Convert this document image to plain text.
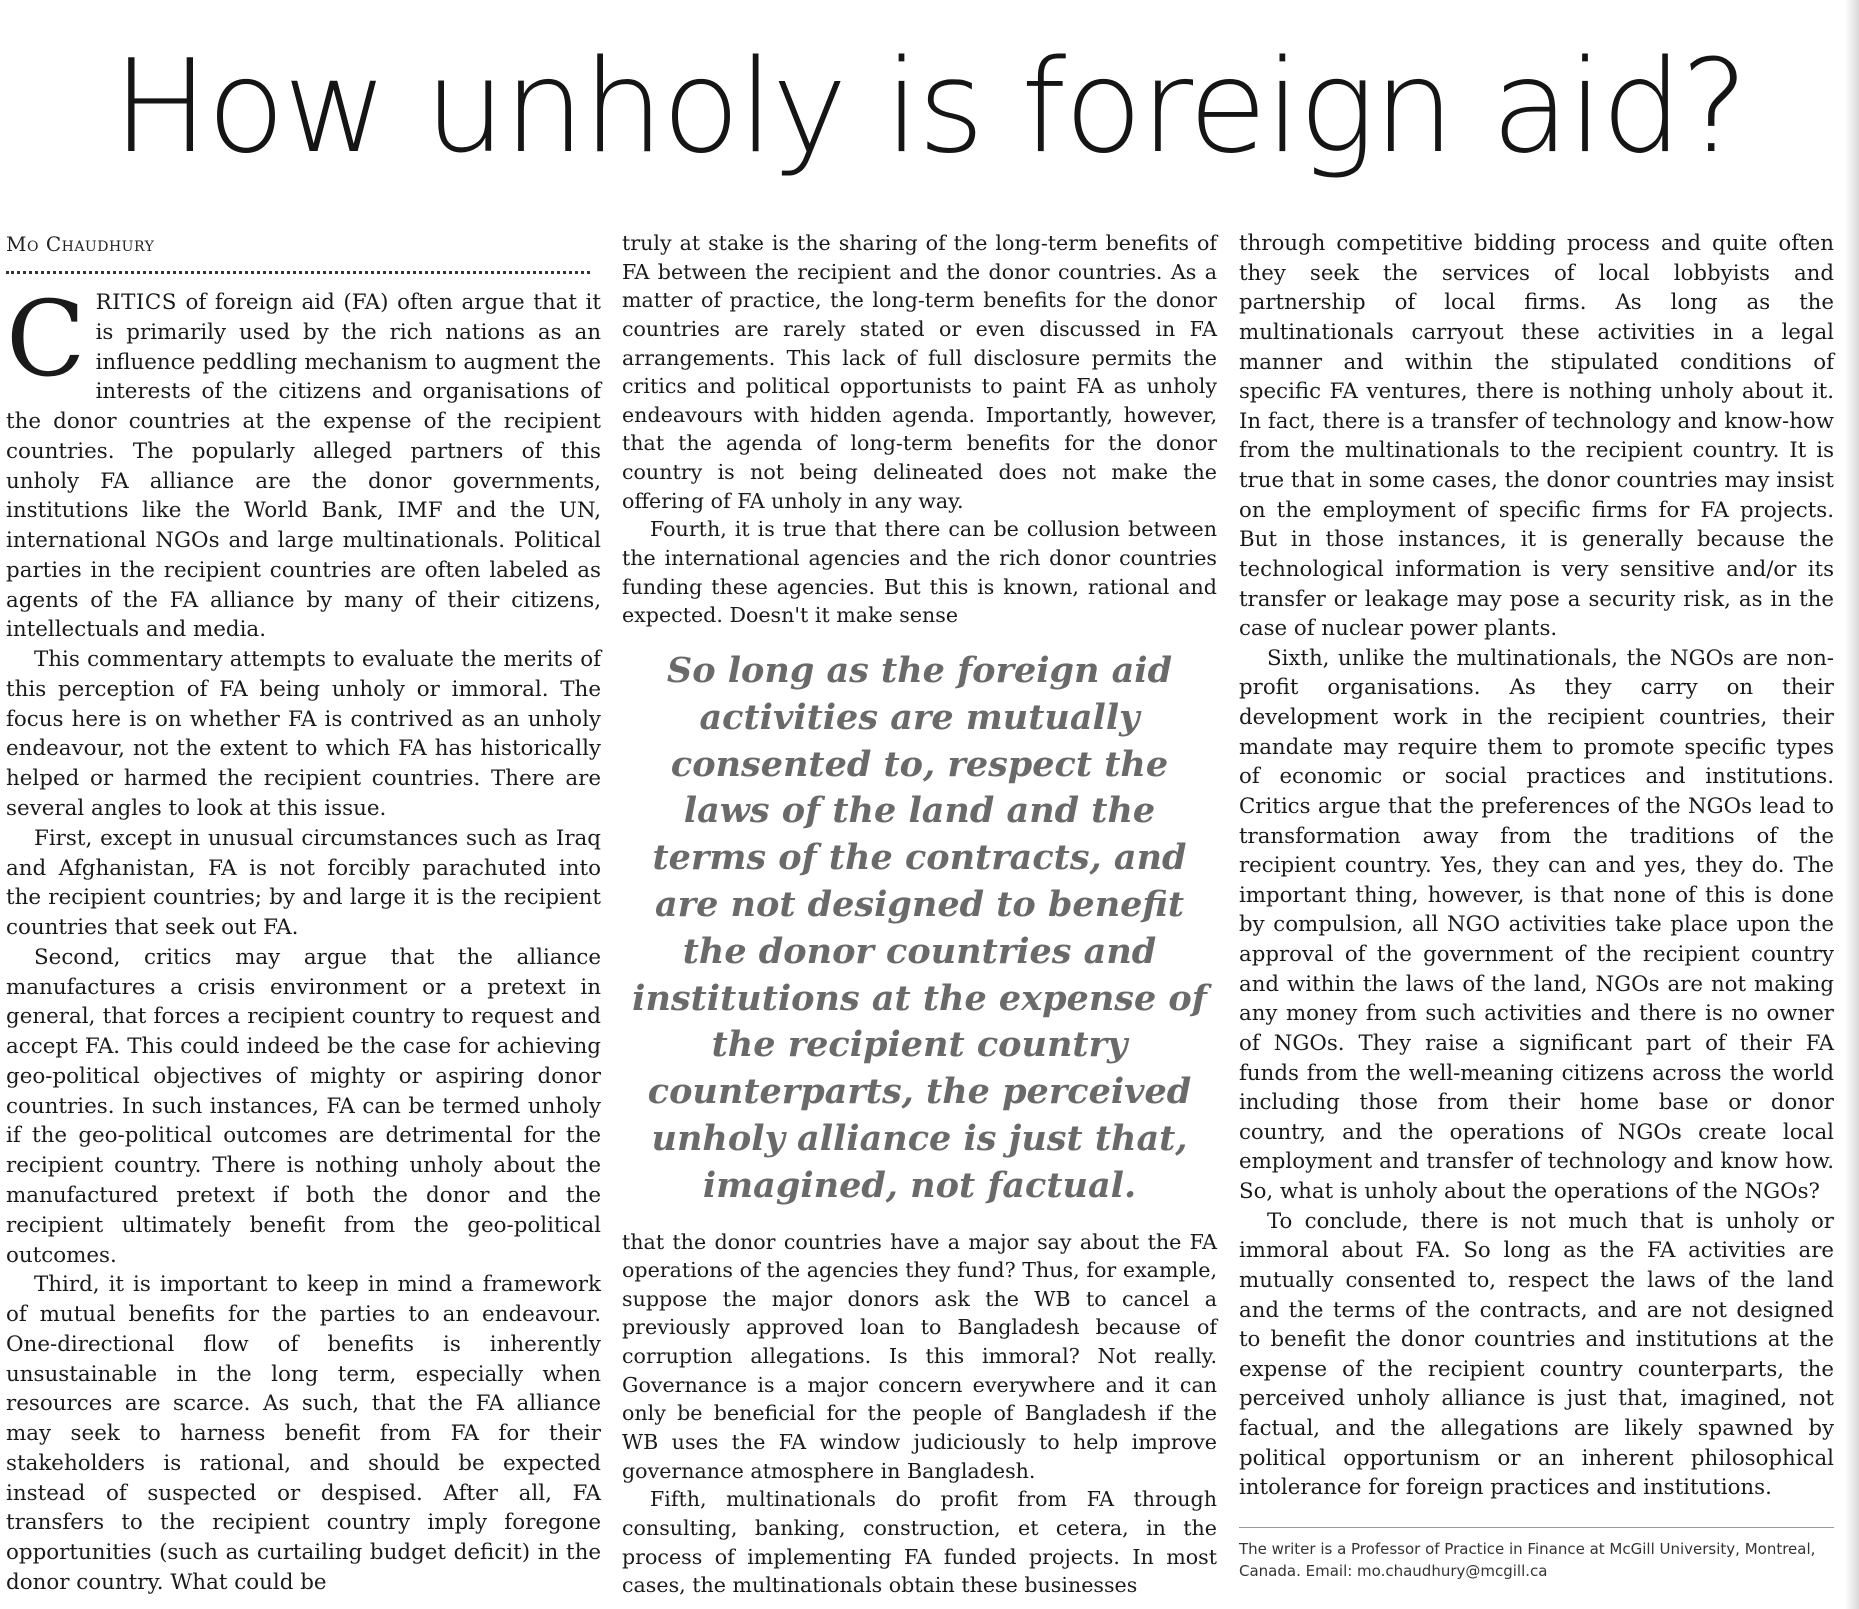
How unholy is foreign aid?
Mo Chaudhury

CRITICS of foreign aid (FA) often argue that it is primarily used by the rich nations as an influence peddling mechanism to augment the interests of the citizens and organisations of the donor countries at the expense of the recipient countries. The popularly alleged partners of this unholy FA alliance are the donor governments, institutions like the World Bank, IMF and the UN, international NGOs and large multinationals. Political parties in the recipient countries are often labeled as agents of the FA alliance by many of their citizens, intellectuals and media.

This commentary attempts to evaluate the merits of this perception of FA being unholy or immoral. The focus here is on whether FA is contrived as an unholy endeavour, not the extent to which FA has historically helped or harmed the recipient countries. There are several angles to look at this issue.

First, except in unusual circumstances such as Iraq and Afghanistan, FA is not forcibly parachuted into the recipient countries; by and large it is the recipient countries that seek out FA.

Second, critics may argue that the alliance manufactures a crisis environment or a pretext in general, that forces a recipient country to request and accept FA. This could indeed be the case for achieving geo-political objectives of mighty or aspiring donor countries. In such instances, FA can be termed unholy if the geo-political outcomes are detrimental for the recipient country. There is nothing unholy about the manufactured pretext if both the donor and the recipient ultimately benefit from the geo-political outcomes.

Third, it is important to keep in mind a framework of mutual benefits for the parties to an endeavour. One-directional flow of benefits is inherently unsustainable in the long term, especially when resources are scarce. As such, that the FA alliance may seek to harness benefit from FA for their stakeholders is rational, and should be expected instead of suspected or despised. After all, FA transfers to the recipient country imply foregone opportunities (such as curtailing budget deficit) in the donor country. What could be

truly at stake is the sharing of the long-term benefits of FA between the recipient and the donor countries. As a matter of practice, the long-term benefits for the donor countries are rarely stated or even discussed in FA arrangements. This lack of full disclosure permits the critics and political opportunists to paint FA as unholy endeavours with hidden agenda. Importantly, however, that the agenda of long-term benefits for the donor country is not being delineated does not make the offering of FA unholy in any way.

Fourth, it is true that there can be collusion between the international agencies and the rich donor countries funding these agencies. But this is known, rational and expected. Doesn't it make sense

So long as the foreign aid activities are mutually consented to, respect the laws of the land and the terms of the contracts, and are not designed to benefit the donor countries and institutions at the expense of the recipient country counterparts, the perceived unholy alliance is just that, imagined, not factual.

that the donor countries have a major say about the FA operations of the agencies they fund? Thus, for example, suppose the major donors ask the WB to cancel a previously approved loan to Bangladesh because of corruption allegations. Is this immoral? Not really. Governance is a major concern everywhere and it can only be beneficial for the people of Bangladesh if the WB uses the FA window judiciously to help improve governance atmosphere in Bangladesh.

Fifth, multinationals do profit from FA through consulting, banking, construction, et cetera, in the process of implementing FA funded projects. In most cases, the multinationals obtain these businesses

through competitive bidding process and quite often they seek the services of local lobbyists and partnership of local firms. As long as the multinationals carryout these activities in a legal manner and within the stipulated conditions of specific FA ventures, there is nothing unholy about it. In fact, there is a transfer of technology and know-how from the multinationals to the recipient country. It is true that in some cases, the donor countries may insist on the employment of specific firms for FA projects. But in those instances, it is generally because the technological information is very sensitive and/or its transfer or leakage may pose a security risk, as in the case of nuclear power plants.

Sixth, unlike the multinationals, the NGOs are non-profit organisations. As they carry on their development work in the recipient countries, their mandate may require them to promote specific types of economic or social practices and institutions. Critics argue that the preferences of the NGOs lead to transformation away from the traditions of the recipient country. Yes, they can and yes, they do. The important thing, however, is that none of this is done by compulsion, all NGO activities take place upon the approval of the government of the recipient country and within the laws of the land, NGOs are not making any money from such activities and there is no owner of NGOs. They raise a significant part of their FA funds from the well-meaning citizens across the world including those from their home base or donor country, and the operations of NGOs create local employment and transfer of technology and know how. So, what is unholy about the operations of the NGOs?

To conclude, there is not much that is unholy or immoral about FA. So long as the FA activities are mutually consented to, respect the laws of the land and the terms of the contracts, and are not designed to benefit the donor countries and institutions at the expense of the recipient country counterparts, the perceived unholy alliance is just that, imagined, not factual, and the allegations are likely spawned by political opportunism or an inherent philosophical intolerance for foreign practices and institutions.

The writer is a Professor of Practice in Finance at McGill University, Montreal, Canada. Email: mo.chaudhury@mcgill.ca
